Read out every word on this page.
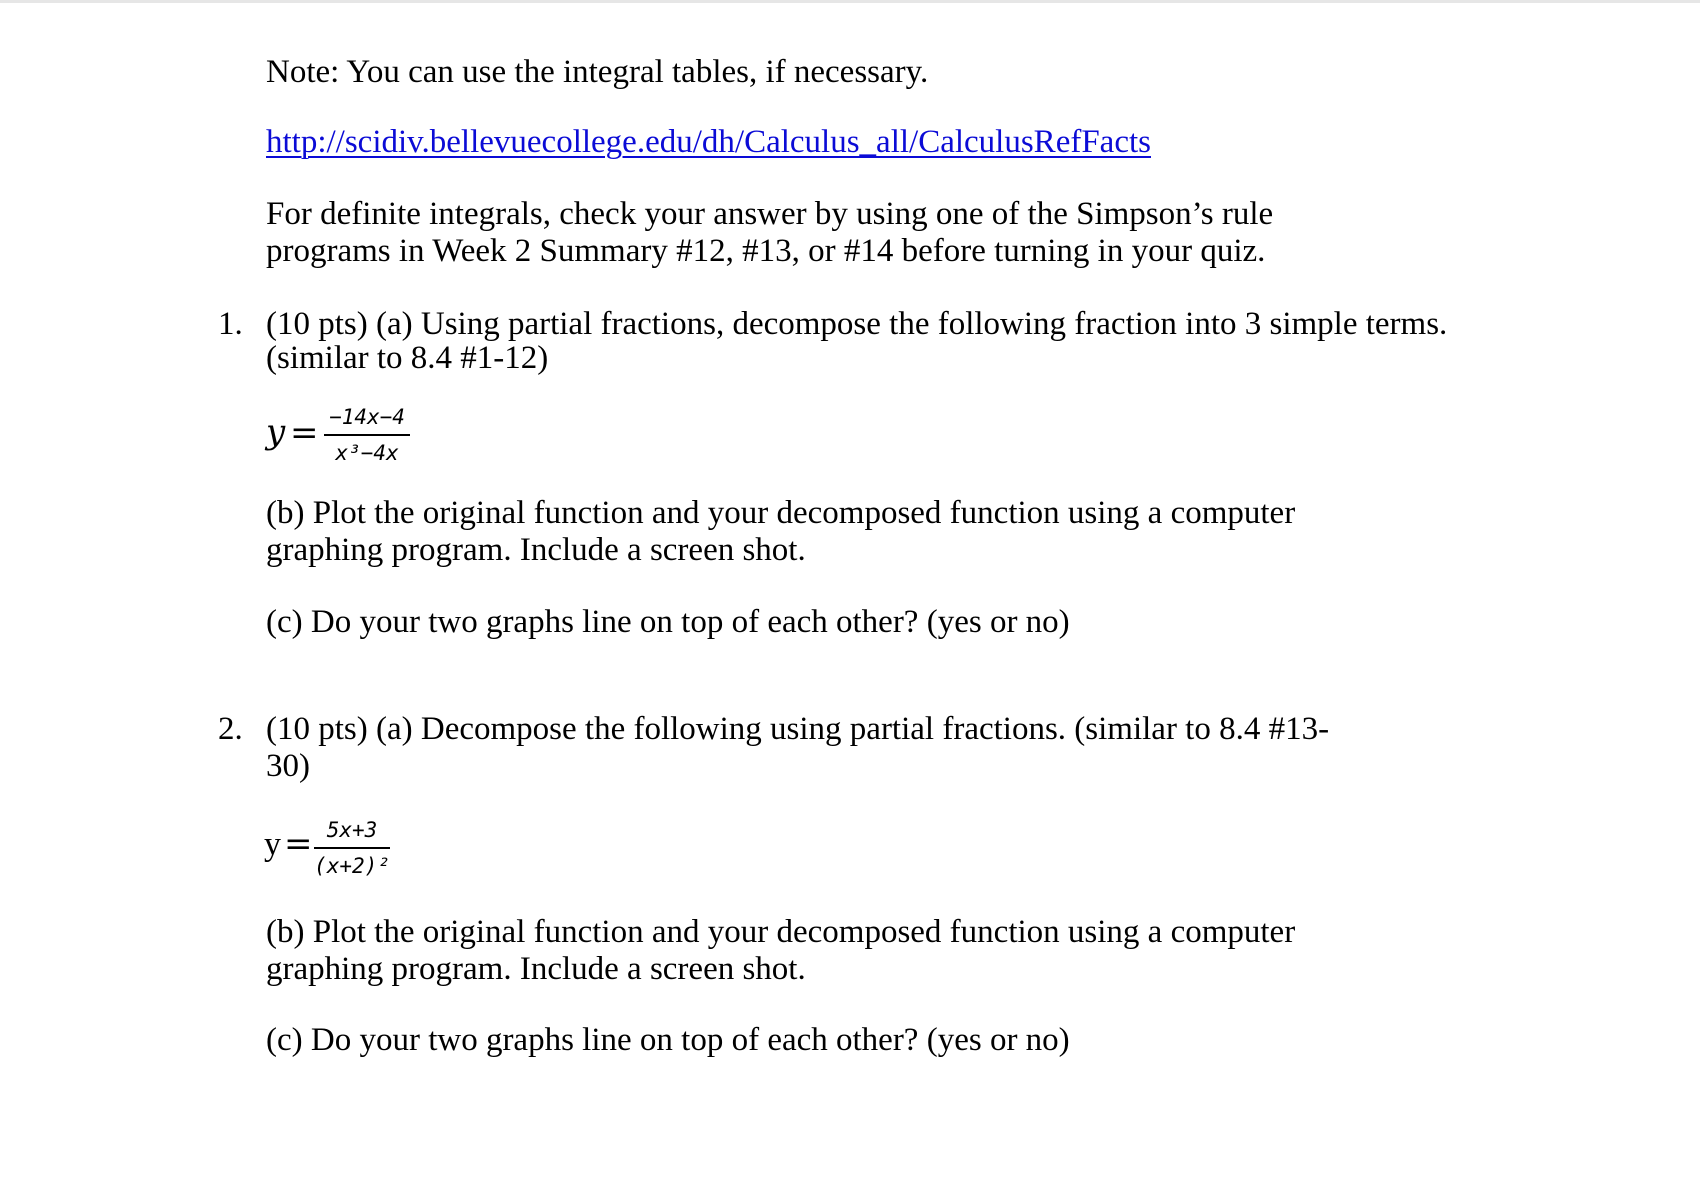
Note: You can use the integral tables, if necessary.
http://scidiv.bellevuecollege.edu/dh/Calculus_all/CalculusRefFacts
For definite integrals, check your answer by using one of the Simpson’s rule
programs in Week 2 Summary #12, #13, or #14 before turning in your quiz.
1. (10 pts) (a) Using partial fractions, decompose the following fraction into 3 simple terms.
(similar to 8.4 #1-12)
y = −14x−4
x³−4x
(b) Plot the original function and your decomposed function using a computer
graphing program. Include a screen shot.
(c) Do your two graphs line on top of each other? (yes or no)
2. (10 pts) (a) Decompose the following using partial fractions. (similar to 8.4 #13-
30)
y = 5x+3
(x+2)²
(b) Plot the original function and your decomposed function using a computer
graphing program. Include a screen shot.
(c) Do your two graphs line on top of each other? (yes or no)
